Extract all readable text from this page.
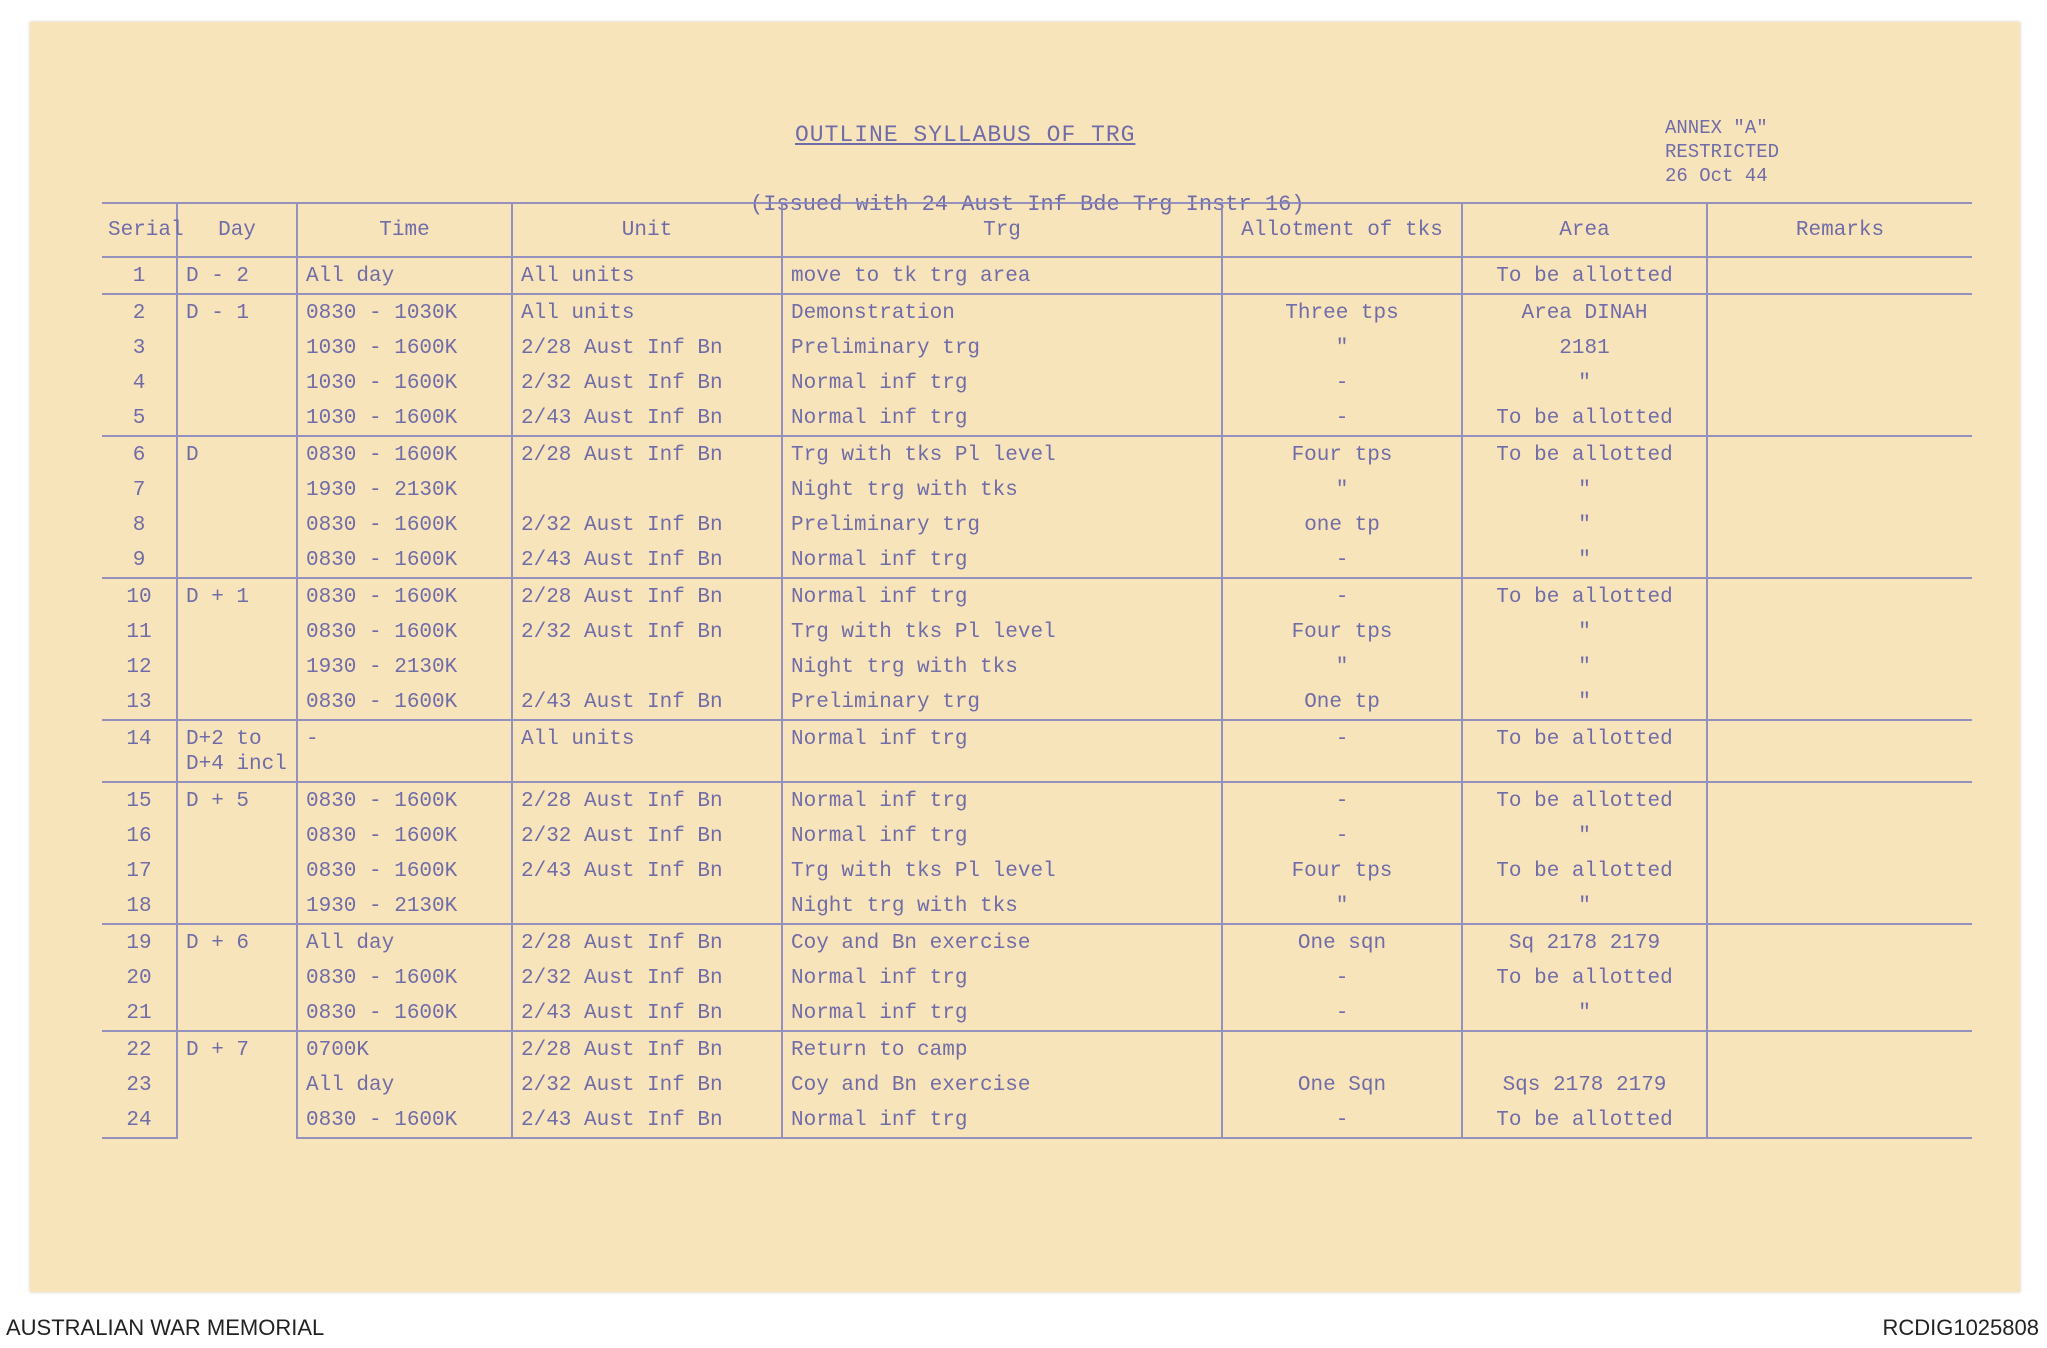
OUTLINE SYLLABUS OF TRG
(Issued with 24 Aust Inf Bde Trg Instr 16)
ANNEX "A"
RESTRICTED
26 Oct 44
Serial	Day	Time	Unit	Trg	Allotment of tks	Area	Remarks
1	D - 2	All day	All units	move to tk trg area		To be allotted	
2	D - 1	0830 - 1030K	All units	Demonstration	Three tps	Area DINAH	
3		1030 - 1600K	2/28 Aust Inf Bn	Preliminary trg	"	2181	
4		1030 - 1600K	2/32 Aust Inf Bn	Normal inf trg	-	"	
5		1030 - 1600K	2/43 Aust Inf Bn	Normal inf trg	-	To be allotted	
6	D	0830 - 1600K	2/28 Aust Inf Bn	Trg with tks Pl level	Four tps	To be allotted	
7		1930 - 2130K		Night trg with tks	"	"	
8		0830 - 1600K	2/32 Aust Inf Bn	Preliminary trg	one tp	"	
9		0830 - 1600K	2/43 Aust Inf Bn	Normal inf trg	-	"	
10	D + 1	0830 - 1600K	2/28 Aust Inf Bn	Normal inf trg	-	To be allotted	
11		0830 - 1600K	2/32 Aust Inf Bn	Trg with tks Pl level	Four tps	"	
12		1930 - 2130K		Night trg with tks	"	"	
13		0830 - 1600K	2/43 Aust Inf Bn	Preliminary trg	One tp	"	
14	D+2 to D+4 incl	-	All units	Normal inf trg	-	To be allotted	
15	D + 5	0830 - 1600K	2/28 Aust Inf Bn	Normal inf trg	-	To be allotted	
16		0830 - 1600K	2/32 Aust Inf Bn	Normal inf trg	-	"	
17		0830 - 1600K	2/43 Aust Inf Bn	Trg with tks Pl level	Four tps	To be allotted	
18		1930 - 2130K		Night trg with tks	"	"	
19	D + 6	All day	2/28 Aust Inf Bn	Coy and Bn exercise	One sqn	Sq 2178 2179	
20		0830 - 1600K	2/32 Aust Inf Bn	Normal inf trg	-	To be allotted	
21		0830 - 1600K	2/43 Aust Inf Bn	Normal inf trg	-	"	
22	D + 7	0700K	2/28 Aust Inf Bn	Return to camp			
23		All day	2/32 Aust Inf Bn	Coy and Bn exercise	One Sqn	Sqs 2178 2179	
24		0830 - 1600K	2/43 Aust Inf Bn	Normal inf trg	-	To be allotted	
AUSTRALIAN WAR MEMORIAL	RCDIG1025808
